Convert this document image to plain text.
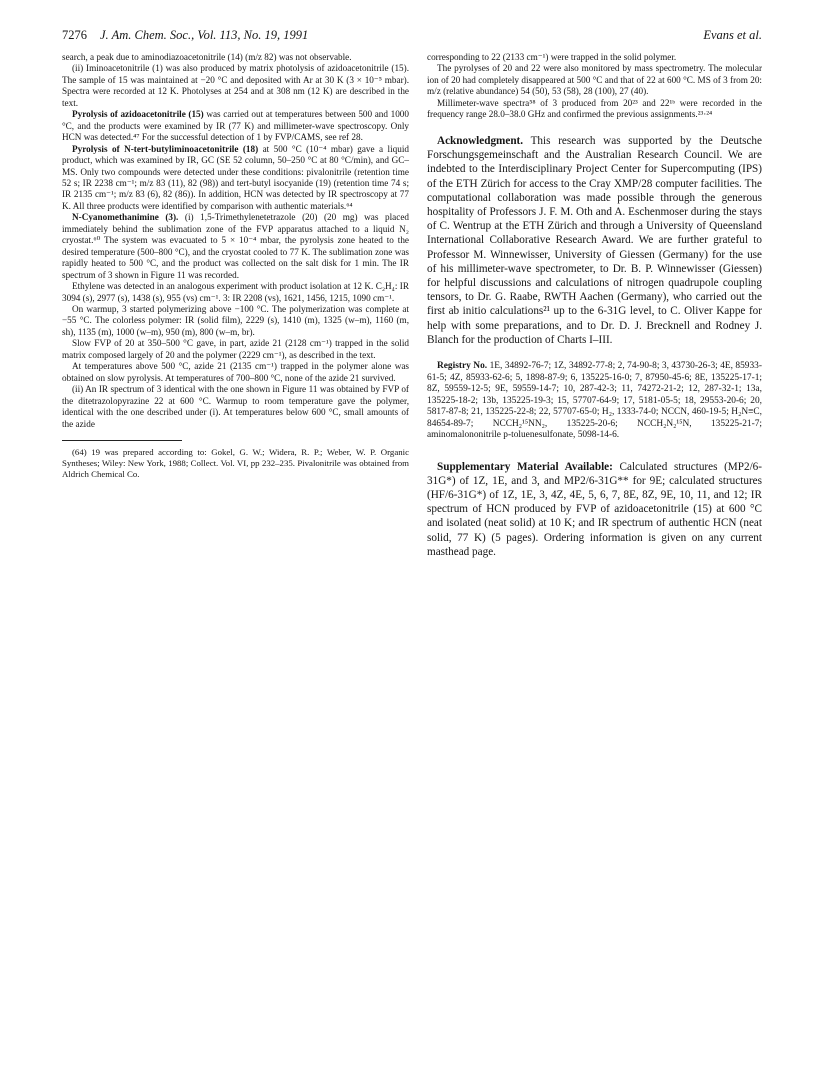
7276 J. Am. Chem. Soc., Vol. 113, No. 19, 1991	Evans et al.

search, a peak due to aminodiazoacetonitrile (14) (m/z 82) was not observable.

(ii) Iminoacetonitrile (1) was also produced by matrix photolysis of azidoacetonitrile (15). The sample of 15 was maintained at −20 °C and deposited with Ar at 30 K (3 × 10⁻⁵ mbar). Spectra were recorded at 12 K. Photolyses at 254 and at 308 nm (12 K) are described in the text.

Pyrolysis of azidoacetonitrile (15) was carried out at temperatures between 500 and 1000 °C, and the products were examined by IR (77 K) and millimeter-wave spectroscopy. Only HCN was detected.⁴⁷ For the successful detection of 1 by FVP/CAMS, see ref 28.

Pyrolysis of N-tert-butyliminoacetonitrile (18) at 500 °C (10⁻⁴ mbar) gave a liquid product, which was examined by IR, GC (SE 52 column, 50–250 °C at 80 °C/min), and GC–MS. Only two compounds were detected under these conditions: pivalonitrile (retention time 52 s; IR 2238 cm⁻¹; m/z 83 (11), 82 (98)) and tert-butyl isocyanide (19) (retention time 74 s; IR 2135 cm⁻¹; m/z 83 (6), 82 (86)). In addition, HCN was detected by IR spectroscopy at 77 K. All three products were identified by comparison with authentic materials.⁶⁴

N-Cyanomethanimine (3). (i) 1,5-Trimethylenetetrazole (20) (20 mg) was placed immediately behind the sublimation zone of the FVP apparatus attached to a liquid N₂ cryostat.⁶⁰ The system was evacuated to 5 × 10⁻⁴ mbar, the pyrolysis zone heated to the desired temperature (500–800 °C), and the cryostat cooled to 77 K. The sublimation zone was rapidly heated to 500 °C, and the product was collected on the salt disk for 1 min. The IR spectrum of 3 shown in Figure 11 was recorded.

Ethylene was detected in an analogous experiment with product isolation at 12 K. C₂H₄: IR 3094 (s), 2977 (s), 1438 (s), 955 (vs) cm⁻¹. 3: IR 2208 (vs), 1621, 1456, 1215, 1090 cm⁻¹.

On warmup, 3 started polymerizing above −100 °C. The polymerization was complete at −55 °C. The colorless polymer: IR (solid film), 2229 (s), 1410 (m), 1325 (w–m), 1160 (m, sh), 1135 (m), 1000 (w–m), 950 (m), 800 (w–m, br).

Slow FVP of 20 at 350–500 °C gave, in part, azide 21 (2128 cm⁻¹) trapped in the solid matrix composed largely of 20 and the polymer (2229 cm⁻¹), as described in the text.

At temperatures above 500 °C, azide 21 (2135 cm⁻¹) trapped in the polymer alone was obtained on slow pyrolysis. At temperatures of 700–800 °C, none of the azide 21 survived.

(ii) An IR spectrum of 3 identical with the one shown in Figure 11 was obtained by FVP of the ditetrazolopyrazine 22 at 600 °C. Warmup to room temperature gave the polymer, identical with the one described under (i). At temperatures below 600 °C, small amounts of the azide

(64) 19 was prepared according to: Gokel, G. W.; Widera, R. P.; Weber, W. P. Organic Syntheses; Wiley: New York, 1988; Collect. Vol. VI, pp 232–235. Pivalonitrile was obtained from Aldrich Chemical Co.

corresponding to 22 (2133 cm⁻¹) were trapped in the solid polymer.

The pyrolyses of 20 and 22 were also monitored by mass spectrometry. The molecular ion of 20 had completely disappeared at 500 °C and that of 22 at 600 °C. MS of 3 from 20: m/z (relative abundance) 54 (50), 53 (58), 28 (100), 27 (40).

Millimeter-wave spectra⁵⁸ of 3 produced from 20²³ and 22¹ᵇ were recorded in the frequency range 28.0–38.0 GHz and confirmed the previous assignments.²³·²⁴

Acknowledgment. This research was supported by the Deutsche Forschungsgemeinschaft and the Australian Research Council. We are indebted to the Interdisciplinary Project Center for Supercomputing (IPS) of the ETH Zürich for access to the Cray XMP/28 computer facilities. The computational collaboration was made possible through the generous hospitality of Professors J. F. M. Oth and A. Eschenmoser during the stays of C. Wentrup at the ETH Zürich and through a University of Queensland International Collaborative Research Award. We are further grateful to Professor M. Winnewisser, University of Giessen (Germany) for the use of his millimeter-wave spectrometer, to Dr. B. P. Winnewisser (Giessen) for helpful discussions and calculations of nitrogen quadrupole coupling tensors, to Dr. G. Raabe, RWTH Aachen (Germany), who carried out the first ab initio calculations²¹ up to the 6-31G level, to C. Oliver Kappe for help with some preparations, and to Dr. D. J. Brecknell and Rodney J. Blanch for the production of Charts I–III.

Registry No. 1E, 34892-76-7; 1Z, 34892-77-8; 2, 74-90-8; 3, 43730-26-3; 4E, 85933-61-5; 4Z, 85933-62-6; 5, 1898-87-9; 6, 135225-16-0; 7, 87950-45-6; 8E, 135225-17-1; 8Z, 59559-12-5; 9E, 59559-14-7; 10, 287-42-3; 11, 74272-21-2; 12, 287-32-1; 13a, 135225-18-2; 13b, 135225-19-3; 15, 57707-64-9; 17, 5181-05-5; 18, 29553-20-6; 20, 5817-87-8; 21, 135225-22-8; 22, 57707-65-0; H₂, 1333-74-0; NCCN, 460-19-5; H₂N≡C, 84654-89-7; NCCH₂¹⁵NN₂, 135225-20-6; NCCH₂N₂¹⁵N, 135225-21-7; aminomalononitrile p-toluenesulfonate, 5098-14-6.

Supplementary Material Available: Calculated structures (MP2/6-31G*) of 1Z, 1E, and 3, and MP2/6-31G** for 9E; calculated structures (HF/6-31G*) of 1Z, 1E, 3, 4Z, 4E, 5, 6, 7, 8E, 8Z, 9E, 10, 11, and 12; IR spectrum of HCN produced by FVP of azidoacetonitrile (15) at 600 °C and isolated (neat solid) at 10 K; and IR spectrum of authentic HCN (neat solid, 77 K) (5 pages). Ordering information is given on any current masthead page.
